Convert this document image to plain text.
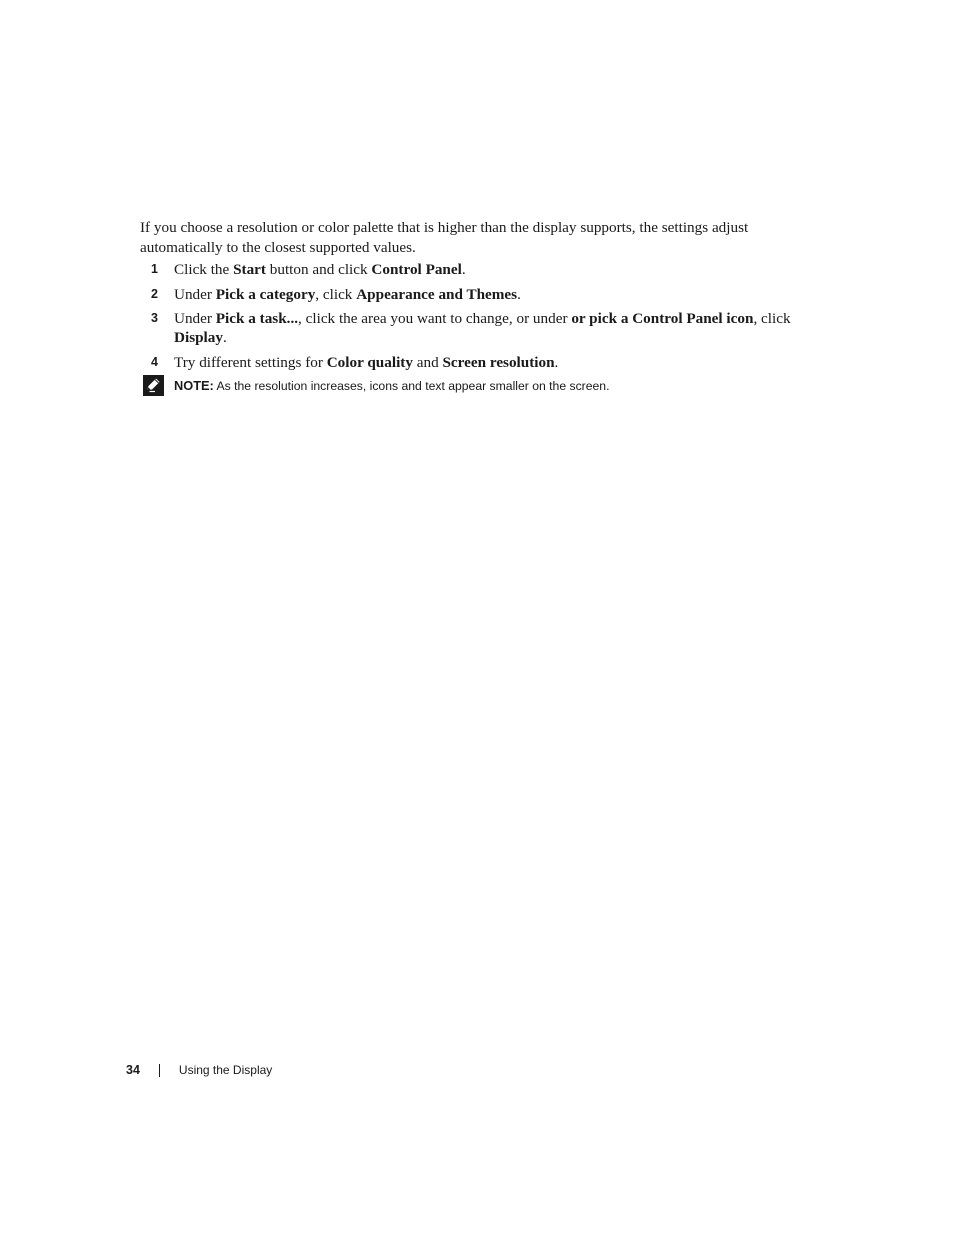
If you choose a resolution or color palette that is higher than the display supports, the settings adjust automatically to the closest supported values.

1 Click the Start button and click Control Panel.
2 Under Pick a category, click Appearance and Themes.
3 Under Pick a task..., click the area you want to change, or under or pick a Control Panel icon, click Display.
4 Try different settings for Color quality and Screen resolution.
NOTE: As the resolution increases, icons and text appear smaller on the screen.
34	Using the Display
